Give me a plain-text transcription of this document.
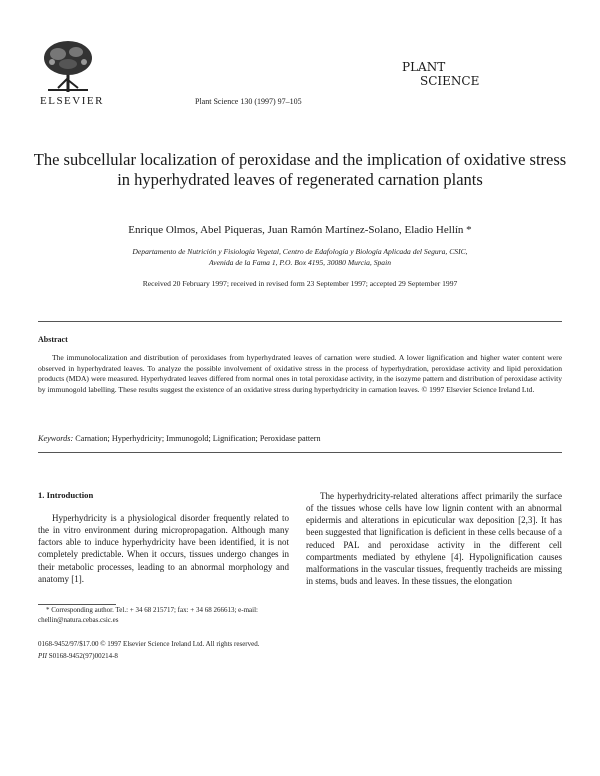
ELSEVIER	Plant Science 130 (1997) 97–105
PLANT
SCIENCE
The subcellular localization of peroxidase and the implication of oxidative stress in hyperhydrated leaves of regenerated carnation plants
Enrique Olmos, Abel Piqueras, Juan Ramón Martínez-Solano, Eladio Hellín *
Departamento de Nutrición y Fisiología Vegetal, Centro de Edafología y Biología Aplicada del Segura, CSIC,
Avenida de la Fama 1, P.O. Box 4195, 30080 Murcia, Spain
Received 20 February 1997; received in revised form 23 September 1997; accepted 29 September 1997
Abstract
The immunolocalization and distribution of peroxidases from hyperhydrated leaves of carnation were studied. A lower lignification and higher water content were observed in hyperhydrated leaves. To analyze the possible involvement of oxidative stress in the process of hyperhydration, peroxidase activity and lipid peroxidation products (MDA) were measured. Hyperhydrated leaves differed from normal ones in total peroxidase activity, in the isozyme pattern and distribution of peroxidase activity by immunogold labelling. These results suggest the existence of an oxidative stress during hyperhydricity in carnation leaves. © 1997 Elsevier Science Ireland Ltd.
Keywords: Carnation; Hyperhydricity; Immunogold; Lignification; Peroxidase pattern
1. Introduction
Hyperhydricity is a physiological disorder frequently related to the in vitro environment during micropropagation. Although many factors able to induce hyperhydricity have been identified, it is not completely predictable. When it occurs, tissues undergo changes in their metabolic processes, leading to an abnormal morphology and anatomy [1].
The hyperhydricity-related alterations affect primarily the surface of the tissues whose cells have low lignin content with an abnormal epidermis and alterations in epicuticular wax deposition [2,3]. It has been suggested that lignification is deficient in these cells because of a reduced PAL and peroxidase activity in the different cell compartments mediated by ethylene [4]. Hypolignification causes malformations in the vascular tissues, frequently tracheids are missing in stems, buds and leaves. In these tissues, the elongation
* Corresponding author. Tel.: + 34 68 215717; fax: + 34 68 266613; e-mail: chellin@natura.cebas.csic.es
0168-9452/97/$17.00 © 1997 Elsevier Science Ireland Ltd. All rights reserved.
PII S0168-9452(97)00214-8
